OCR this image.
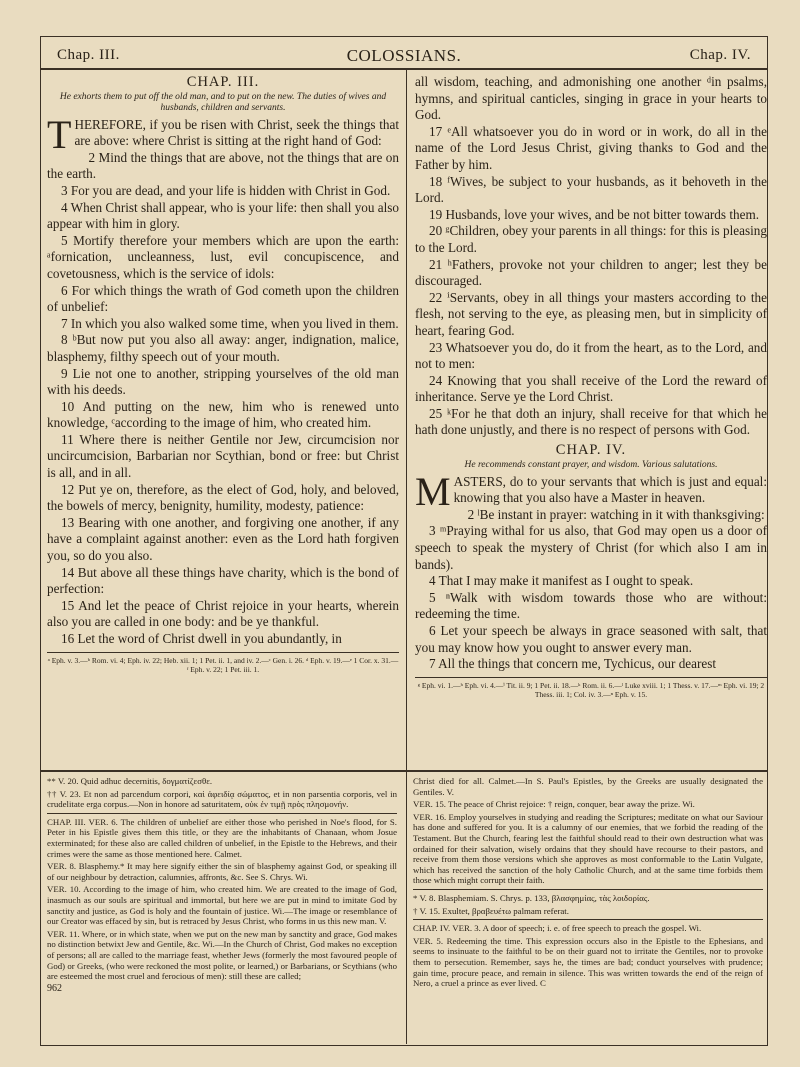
Chap. III.	COLOSSIANS.	Chap. IV.
CHAP. III.
He exhorts them to put off the old man, and to put on the new. The duties of wives and husbands, children and servants.

THEREFORE, if you be risen with Christ, seek the things that are above: where Christ is sitting at the right hand of God:

2 Mind the things that are above, not the things that are on the earth.

3 For you are dead, and your life is hidden with Christ in God.

4 When Christ shall appear, who is your life: then shall you also appear with him in glory.

5 Mortify therefore your members which are upon the earth: ᵃfornication, uncleanness, lust, evil concupiscence, and covetousness, which is the service of idols:

6 For which things the wrath of God cometh upon the children of unbelief:

7 In which you also walked some time, when you lived in them.

8 ᵇBut now put you also all away: anger, indignation, malice, blasphemy, filthy speech out of your mouth.

9 Lie not one to another, stripping yourselves of the old man with his deeds.

10 And putting on the new, him who is renewed unto knowledge, ᶜaccording to the image of him, who created him.

11 Where there is neither Gentile nor Jew, circumcision nor uncircumcision, Barbarian nor Scythian, bond or free: but Christ is all, and in all.

12 Put ye on, therefore, as the elect of God, holy, and beloved, the bowels of mercy, benignity, humility, modesty, patience:

13 Bearing with one another, and forgiving one another, if any have a complaint against another: even as the Lord hath forgiven you, so do you also.

14 But above all these things have charity, which is the bond of perfection:

15 And let the peace of Christ rejoice in your hearts, wherein also you are called in one body: and be ye thankful.

16 Let the word of Christ dwell in you abundantly, in

ᵃ Eph. v. 3.—ᵇ Rom. vi. 4; Eph. iv. 22; Heb. xii. 1; 1 Pet. ii. 1, and iv. 2.—ᶜ Gen. i. 26. ᵈ Eph. v. 19.—ᵉ 1 Cor. x. 31.—ᶠ Eph. v. 22; 1 Pet. iii. 1.

all wisdom, teaching, and admonishing one another ᵈin psalms, hymns, and spiritual canticles, singing in grace in your hearts to God.

17 ᵉAll whatsoever you do in word or in work, do all in the name of the Lord Jesus Christ, giving thanks to God and the Father by him.

18 ᶠWives, be subject to your husbands, as it behoveth in the Lord.

19 Husbands, love your wives, and be not bitter towards them.

20 ᵍChildren, obey your parents in all things: for this is pleasing to the Lord.

21 ʰFathers, provoke not your children to anger; lest they be discouraged.

22 ⁱServants, obey in all things your masters according to the flesh, not serving to the eye, as pleasing men, but in simplicity of heart, fearing God.

23 Whatsoever you do, do it from the heart, as to the Lord, and not to men:

24 Knowing that you shall receive of the Lord the reward of inheritance. Serve ye the Lord Christ.

25 ᵏFor he that doth an injury, shall receive for that which he hath done unjustly, and there is no respect of persons with God.

CHAP. IV.
He recommends constant prayer, and wisdom. Various salutations.

MASTERS, do to your servants that which is just and equal: knowing that you also have a Master in heaven.

2 ˡBe instant in prayer: watching in it with thanksgiving:

3 ᵐPraying withal for us also, that God may open us a door of speech to speak the mystery of Christ (for which also I am in bands).

4 That I may make it manifest as I ought to speak.

5 ⁿWalk with wisdom towards those who are without: redeeming the time.

6 Let your speech be always in grace seasoned with salt, that you may know how you ought to answer every man.

7 All the things that concern me, Tychicus, our dearest

ᵍ Eph. vi. 1.—ʰ Eph. vi. 4.—ⁱ Tit. ii. 9; 1 Pet. ii. 18.—ᵏ Rom. ii. 6.—ˡ Luke xviii. 1; 1 Thess. v. 17.—ᵐ Eph. vi. 19; 2 Thess. iii. 1; Col. iv. 3.—ⁿ Eph. v. 15.

** V. 20. Quid adhuc decernitis, δογματίζεσθε.

†† V. 23. Et non ad parcendum corpori, καὶ ἀφειδίᾳ σώματος, et in non parsentia corporis, vel in crudelitate erga corpus.—Non in honore ad saturitatem, οὐκ ἐν τιμῇ πρὸς πλησμονήν.

CHAP. III. VER. 6. The children of unbelief are either those who perished in Noe's flood, for S. Peter in his Epistle gives them this title, or they are the inhabitants of Chanaan, whom Josue exterminated; for these also are called children of unbelief, in the Epistle to the Hebrews, and their crimes were the same as those mentioned here. Calmet.

VER. 8. Blasphemy.* It may here signify either the sin of blasphemy against God, or speaking ill of our neighbour by detraction, calumnies, affronts, &c. See S. Chrys. Wi.

VER. 10. According to the image of him, who created him. We are created to the image of God, inasmuch as our souls are spiritual and immortal, but here we are put in mind to imitate God by sanctity and justice, as God is holy and the fountain of justice. Wi.—The image or resemblance of our Creator was effaced by sin, but is retraced by Jesus Christ, who forms in us this new man. V.

VER. 11. Where, or in which state, when we put on the new man by sanctity and grace, God makes no distinction betwixt Jew and Gentile, &c. Wi.—In the Church of Christ, God makes no exception of persons; all are called to the marriage feast, whether Jews (formerly the most favoured people of God) or Greeks, (who were reckoned the most polite, or learned,) or Barbarians, or Scythians (who are esteemed the most cruel and ferocious of men): still these are called;

962

Christ died for all. Calmet.—In S. Paul's Epistles, by the Greeks are usually designated the Gentiles. V.

VER. 15. The peace of Christ rejoice: † reign, conquer, bear away the prize. Wi.

VER. 16. Employ yourselves in studying and reading the Scriptures; meditate on what our Saviour has done and suffered for you. It is a calumny of our enemies, that we forbid the reading of the Testament. But the Church, fearing lest the faithful should read to their own destruction what was ordained for their salvation, wisely ordains that they should have recourse to their pastors, and receive from them those versions which she approves as most conformable to the Latin Vulgate, which has received the sanction of the holy Catholic Church, and at the same time forbids them those which might corrupt their faith.

* V. 8. Blasphemiam. S. Chrys. p. 133, βλασφημίας, τὰς λοιδορίας.

† V. 15. Exultet, βραβευέτω palmam referat.

CHAP. IV. VER. 3. A door of speech; i. e. of free speech to preach the gospel. Wi.

VER. 5. Redeeming the time. This expression occurs also in the Epistle to the Ephesians, and seems to insinuate to the faithful to be on their guard not to irritate the Gentiles, nor to provoke them to persecution. Remember, says he, the times are bad; conduct yourselves with prudence; gain time, procure peace, and remain in silence. This was written towards the end of the reign of Nero, a cruel a prince as ever lived. C
